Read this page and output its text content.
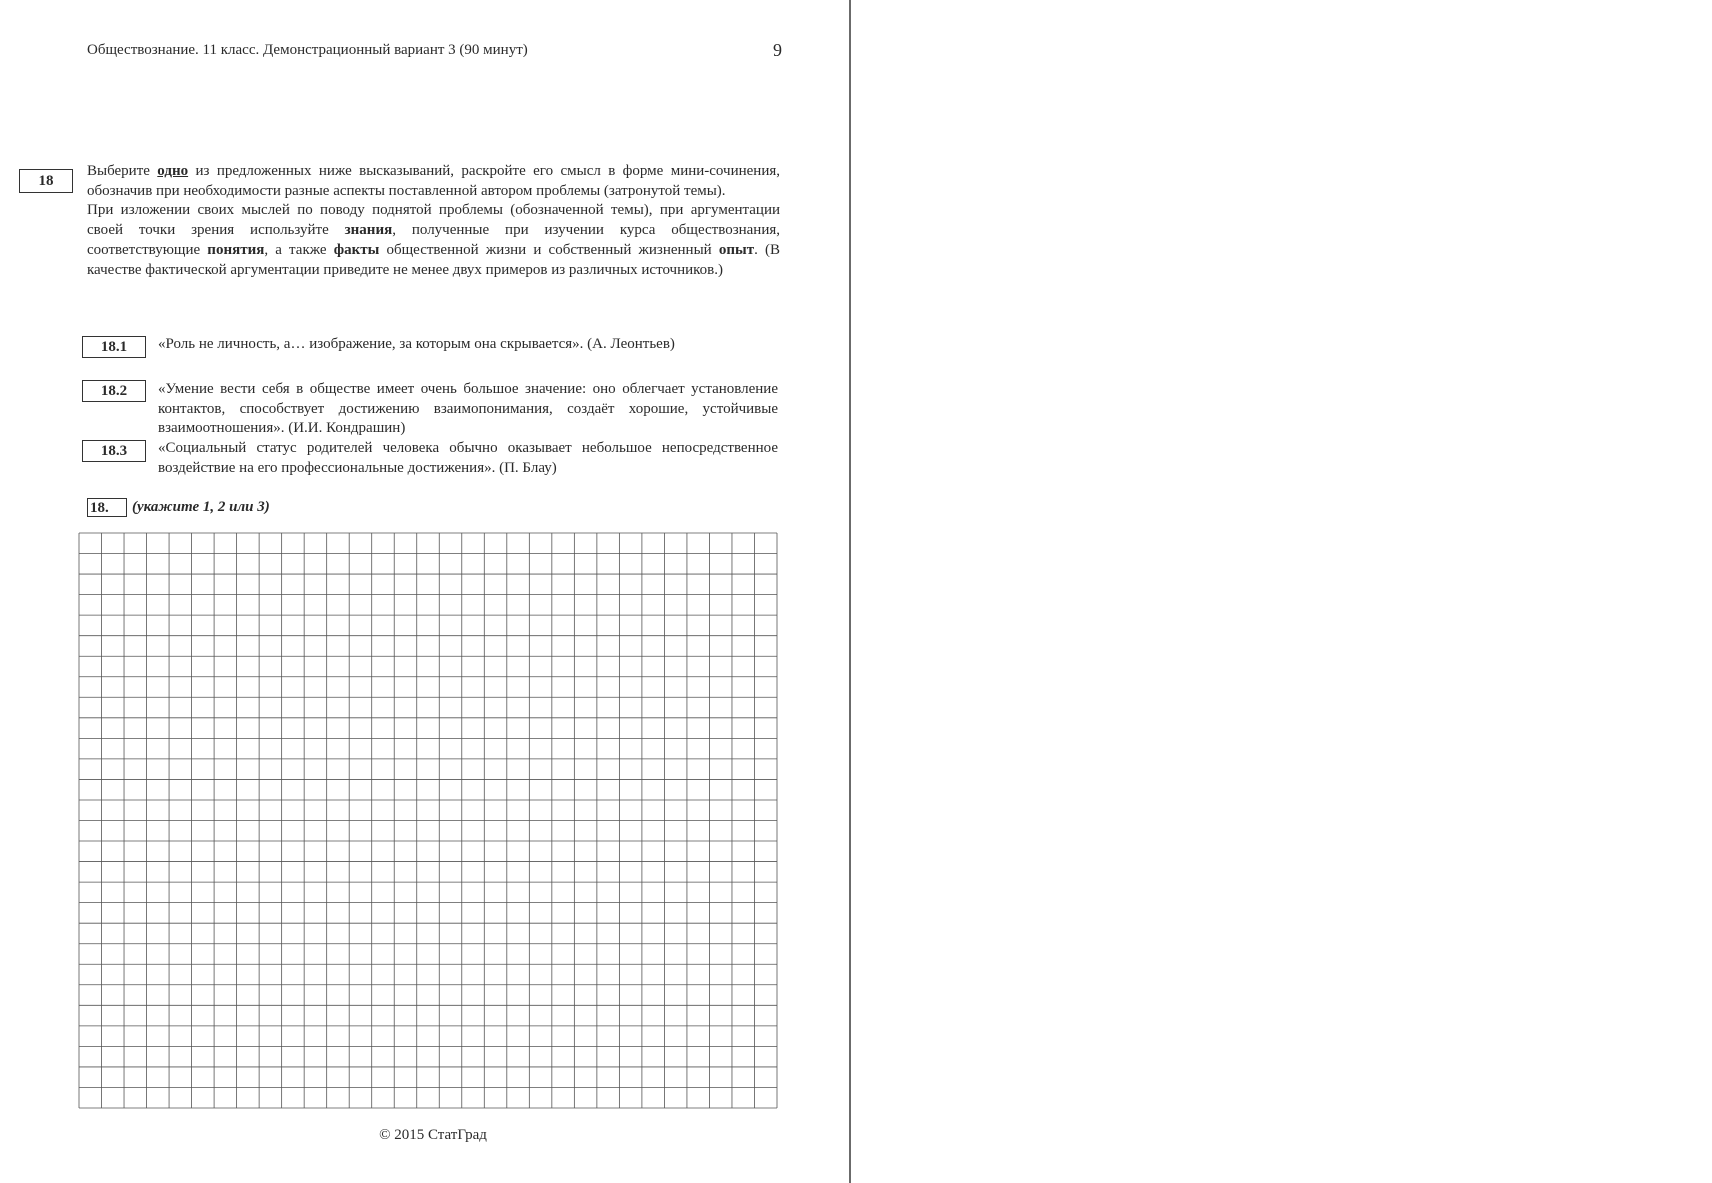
Обществознание. 11 класс. Демонстрационный вариант 3 (90 минут)	9
18

Выберите одно из предложенных ниже высказываний, раскройте его смысл в форме мини-сочинения, обозначив при необходимости разные аспекты поставленной автором проблемы (затронутой темы).

При изложении своих мыслей по поводу поднятой проблемы (обозначенной темы), при аргументации своей точки зрения используйте знания, полученные при изучении курса обществознания, соответствующие понятия, а также факты общественной жизни и собственный жизненный опыт. (В качестве фактической аргументации приведите не менее двух примеров из различных источников.)

18.1	«Роль не личность, а… изображение, за которым она скрывается». (А. Леонтьев)
18.2	«Умение вести себя в обществе имеет очень большое значение: оно облегчает установление контактов, способствует достижению взаимопонимания, создаёт хорошие, устойчивые взаимоотношения». (И.И. Кондрашин)
18.3	«Социальный статус родителей человека обычно оказывает небольшое непосредственное воздействие на его профессиональные достижения». (П. Блау)
18.	(укажите 1, 2 или 3)
© 2015 СтатГрад
